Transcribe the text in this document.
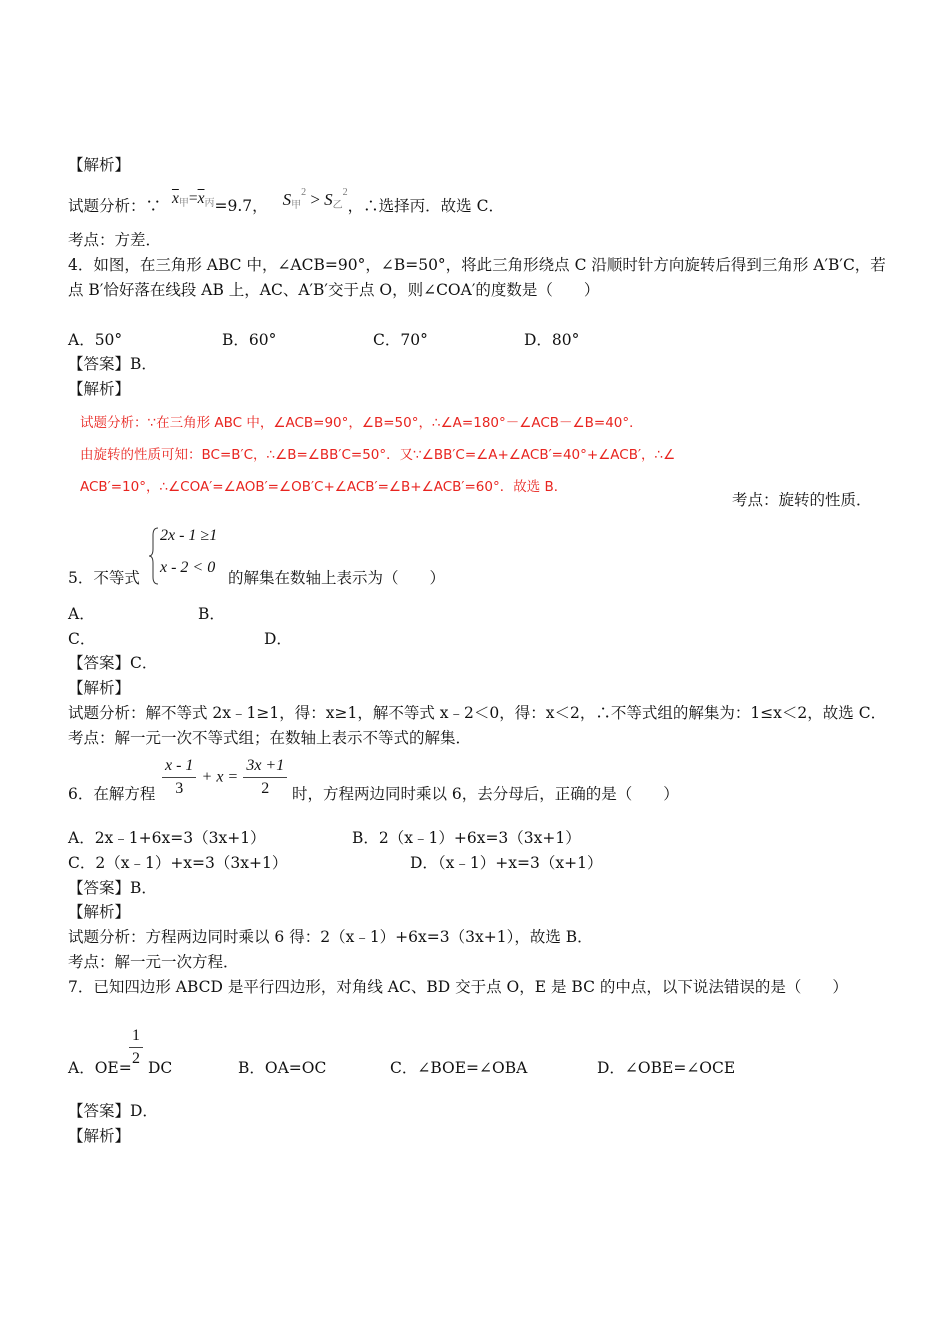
【解析】
试题分析：∵ $\overline{x}_甲=\overline{x}_丙=9.7$， $S_甲^2 > S_乙^2$，∴选择丙．故选 C．
考点：方差．
4．如图，在三角形 ABC 中，∠ACB=90°，∠B=50°，将此三角形绕点 C 沿顺时针方向旋转后得到三角形 A′B′C，若
点 B′恰好落在线段 AB 上，AC、A′B′交于点 O，则∠COA′的度数是（　　）
A．50°	B．60°	C．70°	D．80°
【答案】B．
【解析】
试题分析：∵在三角形 ABC 中，∠ACB=90°，∠B=50°，∴∠A=180°－∠ACB－∠B=40°．
由旋转的性质可知：BC=B′C，∴∠B=∠BB′C=50°．又∵∠BB′C=∠A+∠ACB′=40°+∠ACB′，∴∠
ACB′=10°，∴∠COA′=∠AOB′=∠OB′C+∠ACB′=∠B+∠ACB′=60°．故选 B．
考点：旋转的性质．
2x - 1 ≥1
x - 2 < 0
5．不等式	的解集在数轴上表示为（　　）
A．	B．
C．	D．
【答案】C．
【解析】
试题分析：解不等式 2x﹣1≥1，得：x≥1，解不等式 x﹣2＜0，得：x＜2，∴不等式组的解集为：1≤x＜2，故选 C．
考点：解一元一次不等式组；在数轴上表示不等式的解集．
6．在解方程 $\frac{x - 1}{3} + x = \frac{3x +1}{2}$ 时，方程两边同时乘以 6，去分母后，正确的是（　　）
A．2x﹣1+6x=3（3x+1）	B．2（x﹣1）+6x=3（3x+1）
C．2（x﹣1）+x=3（3x+1）	D．（x﹣1）+x=3（x+1）
【答案】B．
【解析】
试题分析：方程两边同时乘以 6 得：2（x﹣1）+6x=3（3x+1），故选 B．
考点：解一元一次方程．
7．已知四边形 ABCD 是平行四边形，对角线 AC、BD 交于点 O，E 是 BC 的中点，以下说法错误的是（　　）
A．OE=
$\frac{1}{2}$ DC	B．OA=OC	C．∠BOE=∠OBA	D．∠OBE=∠OCE
【答案】D．
【解析】
